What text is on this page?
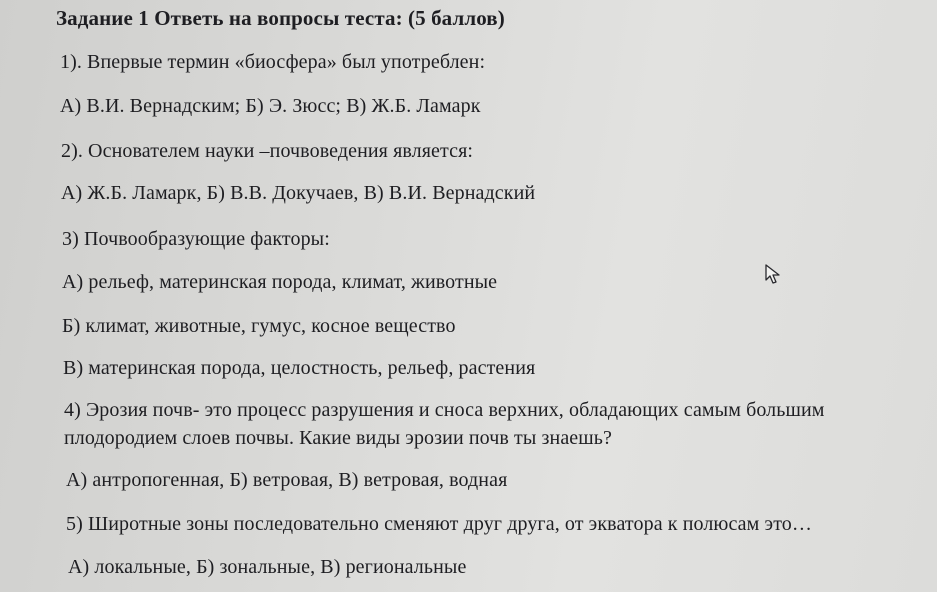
Задание 1 Ответь на вопросы теста: (5 баллов)
1). Впервые термин «биосфера» был употреблен:
А) В.И. Вернадским; Б) Э. Зюсс; В) Ж.Б. Ламарк
2). Основателем науки –почвоведения является:
А) Ж.Б. Ламарк, Б) В.В. Докучаев, В) В.И. Вернадский
3) Почвообразующие факторы:
А) рельеф, материнская порода, климат, животные
Б) климат, животные, гумус, косное вещество
В) материнская порода, целостность, рельеф, растения
4) Эрозия почв- это процесс разрушения и сноса верхних, обладающих самым большим
плодородием слоев почвы. Какие виды эрозии почв ты знаешь?
А) антропогенная, Б) ветровая, В) ветровая, водная
5) Широтные зоны последовательно сменяют друг друга, от экватора к полюсам это…
А) локальные, Б) зональные, В) региональные
